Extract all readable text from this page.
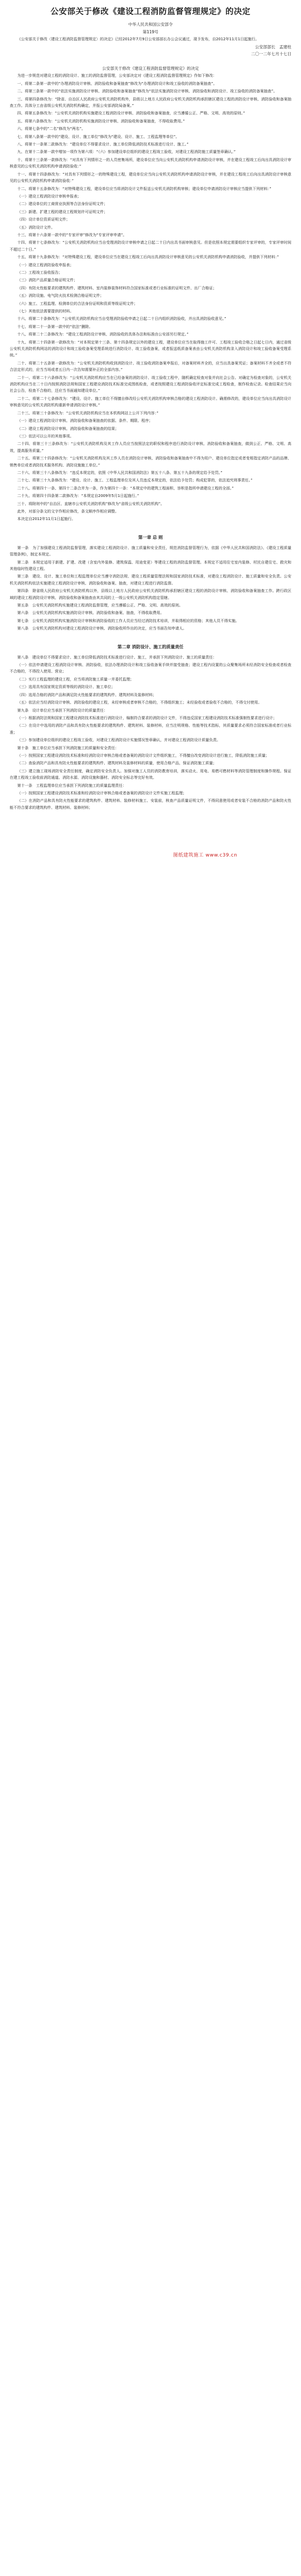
公安部关于修改《建设工程消防监督管理规定》的决定
中华人民共和国公安部令
第119号

《公安部关于修改〈建设工程消防监督管理规定〉的决定》已经2012年7月9日公安部部长办公会议通过，现予发布，自2012年11月1日起施行。

公安部部长　孟建柱
二〇一二年七月十七日
公安部关于修改《建设工程消防监督管理规定》的决定

为进一步规范对建设工程的消防设计、施工的消防监督管理，公安部决定对《建设工程消防监督管理规定》作如下修改：

一、将第二条第一款中的“办理消防设计审核、消防验收和备案抽查”修改为“办理消防设计和竣工验收的消防备案抽查”。

二、将第三条第一款中的“依法实施消防设计审核、消防验收和备案抽查”修改为“依法实施消防设计审核、消防验收和消防设计、竣工验收的消防备案抽查”。

三、将第四条修改为：“除省、自治区人民政府公安机关消防机构外，县级以上地方人民政府公安机关消防机构承担辖区建设工程的消防设计审核、消防验收和备案抽查工作。具体分工由省级公安机关消防机构确定，并报公安部消防局备案。”

四、将第五条修改为：“公安机关消防机构实施建设工程消防设计审核、消防验收和备案抽查，应当遵循公正、严格、文明、高效的原则。”

五、将第六条修改为：“公安机关消防机构实施消防设计审核、消防验收和备案抽查，不得收取费用。”

六、将第七条中的“二名”修改为“两名”。

七、将第八条第一款中的“建设、设计、施工单位”修改为“建设、设计、施工、工程监理等单位”。

八、将第十一条第二款修改为：“建设单位不得要求设计、施工单位降低消防技术标准进行设计、施工。”

九、在第十二条第一款中增加一项作为第六项：“（六）参加建设单位组织的建设工程竣工验收，对建设工程消防施工质量签章确认。”

十、将第十三条第一款修改为：“对具有下列情形之一的人员密集场所，建设单位应当向公安机关消防机构申请消防设计审核，并在建设工程竣工后向出具消防设计审核意见的公安机关消防机构申请消防验收：”

十一、将第十四条修改为：“对具有下列情形之一的特殊建设工程，建设单位应当向公安机关消防机构申请消防设计审核，并在建设工程竣工后向出具消防设计审核意见的公安机关消防机构申请消防验收：”

十二、将第十五条修改为：“对特殊建设工程，建设单位应当将消防设计文件报送公安机关消防机构审核；建设单位申请消防设计审核应当提供下列材料：”

（一）建设工程消防设计审核申报表；

（二）建设单位的工商营业执照等合法身份证明文件；

（三）新建、扩建工程的建设工程规划许可证明文件；

（四）设计单位资质证明文件；

（五）消防设计文件。

十三、将第十六条第一款中的“专家评审”修改为“专家评审申请”。

十四、将第十七条修改为：“公安机关消防机构应当自受理消防设计审核申请之日起二十日内出具书面审核意见。但是依照本规定需要组织专家评审的，专家评审时间不超过二十日。”

十五、将第十九条修改为：“对特殊建设工程，建设单位应当在建设工程竣工后向出具消防设计审核意见的公安机关消防机构申请消防验收，并提供下列材料：”

（一）建设工程消防验收申报表；

（二）工程竣工验收报告；

（三）消防产品质量合格证明文件；

（四）有防火性能要求的建筑构件、建筑材料、室内装修装饰材料符合国家标准或者行业标准的证明文件、出厂合格证；

（五）消防设施、电气防火技术检测合格证明文件；

（六）施工、工程监理、检测单位的合法身份证明和资质等级证明文件；

（七）其他依法需要提供的材料。

十六、将第二十条修改为：“公安机关消防机构应当自受理消防验收申请之日起二十日内组织消防验收，并出具消防验收意见。”

十七、将第二十一条第一款中的“依法”删除。

十八、将第二十二条修改为：“建设工程消防设计审核、消防验收的具体办法和标准由公安部另行规定。”

十九、将第二十四条第一款修改为：“对本规定第十三条、第十四条规定以外的建设工程，建设单位应当在取得施工许可、工程竣工验收合格之日起七日内，通过省级公安机关消防机构网站的消防设计和竣工验收备案受理系统进行消防设计、竣工验收备案，或者报送纸质备案表由公安机关消防机构录入消防设计和竣工验收备案受理系统。”

二十、将第二十五条第一款修改为：“公安机关消防机构收到消防设计、竣工验收消防备案申报后，对备案材料齐全的，应当出具备案凭证；备案材料不齐全或者不符合法定形式的，应当当场或者五日内一次告知需要补正的全部内容。”

二十一、将第二十六条修改为：“公安机关消防机构应当在已经备案的消防设计、竣工验收工程中，随机确定检查对象并向社会公告。对确定为检查对象的，公安机关消防机构应当在二十日内按照消防法规和国家工程建设消防技术标准完成图纸检查，或者按照建设工程消防验收评定标准完成工程检查，制作检查记录。检查结果应当向社会公告，检查不合格的，还应当书面通知建设单位。”

二十二、将第二十七条修改为：“建设、设计、施工单位不得擅自修改经公安机关消防机构审核合格的建设工程消防设计。确需修改的，建设单位应当向出具消防设计审核意见的公安机关消防机构重新申请消防设计审核。”

二十三、将第三十条修改为：“公安机关消防机构应当在本机构网站上公开下列内容：”

（一）建设工程消防设计审核、消防验收和备案抽查的依据、条件、期限、程序；

（二）建设工程消防设计审核、消防验收和备案抽查的结果；

（三）依法可以公开的其他事项。

二十四、将第三十三条修改为：“公安机关消防机构及其工作人员应当按照法定的职权和程序进行消防设计审核、消防验收和备案抽查，做到公正、严格、文明、高效，提高服务质量。”

二十五、将第三十四条修改为：“公安机关消防机构及其工作人员在消防设计审核、消防验收和备案抽查中不得为用户、建设单位指定或者变相指定消防产品的品牌、销售单位或者消防技术服务机构、消防设施施工单位。”

二十六、将第三十八条修改为：“违反本规定的，依照《中华人民共和国消防法》第五十八条、第五十九条的规定给予处罚。”

二十七、将第三十九条修改为：“建设、设计、施工、工程监理单位及其人员违反本规定的，依法给予处罚；构成犯罪的，依法追究刑事责任。”

二十八、将第四十一条、第四十二条合并为一条，作为第四十一条：“本规定中的建筑工程面积、容积是指所申请建设工程的全部。”

二十九、将第四十四条第二款修改为：“本规定自2009年5月1日起施行。”

三十、将附则中的“自治区、直辖市公安机关消防机构”修改为“省级公安机关消防机构”。

此外，对部分条文的文字作相应修改，条文顺序作相应调整。

本决定自2012年11月1日起施行。

第一章 总 则

第一条　为了加强建设工程消防监督管理，落实建设工程消防设计、施工质量和安全责任，规范消防监督管理行为，依据《中华人民共和国消防法》、《建设工程质量管理条例》，制定本规定。

第二条　本规定适用于新建、扩建、改建（含室内外装修、建筑保温、用途变更）等建设工程的消防监督管理。本规定不适用住宅室内装修、村民自建住宅、救灾和其他临时性建设工程。

第三条　建设、设计、施工单位和工程监理单位应当遵守消防法规、建设工程质量管理法规和国家消防技术标准，对建设工程消防设计、施工质量和安全负责。公安机关消防机构依法实施建设工程消防设计审核、消防验收和备案、抽查，对建设工程进行消防监督。

第四条　除省级人民政府公安机关消防机构以外，县级以上地方人民政府公安机关消防机构承担辖区建设工程的消防设计审核、消防验收和备案抽查工作。跨行政区域的建设工程消防设计审核、消防验收和备案抽查由其共同的上一级公安机关消防机构指定管辖。

第五条　公安机关消防机构实施建设工程消防监督管理，应当遵循公正、严格、文明、高效的原则。

第六条　公安机关消防机构实施消防设计审核、消防验收和备案、抽查，不得收取费用。

第七条　公安机关消防机构实施消防设计审核和消防验收的工作人员应当经过消防技术培训，并取得相应的资格；其他人员不得实施。

第八条　公安机关消防机构对建设工程消防设计审核、消防验收所作出的决定，应当书面告知申请人。

第二章 消防设计、施工的质量责任

第八条　建设单位不得要求设计、施工单位降低消防技术标准进行设计、施工，并承担下列消防设计、施工的质量责任：

（一）依法申请建设工程消防设计审核、消防验收，依法办理消防设计和竣工验收备案手续并接受抽查；建设工程内设置的公众聚集场所未经消防安全检查或者检查不合格的，不得投入使用、营业；

（二）实行工程监理的建设工程，应当将消防施工质量一并委托监理；

（三）选用具有国家规定资质等级的消防设计、施工单位；

（四）选用合格的消防产品和满足防火性能要求的建筑构件、建筑材料及装修材料；

（五）依法应当经消防设计审核、消防验收的建设工程，未经审核或者审核不合格的，不得组织施工；未经验收或者验收不合格的，不得交付使用。

第九条　设计单位应当承担下列消防设计的质量责任：

（一）根据消防法规和国家工程建设消防技术标准进行消防设计，编制符合要求的消防设计文件，不得违反国家工程建设消防技术标准强制性要求进行设计；

（二）在设计中选用的消防产品和具有防火性能要求的建筑构件、建筑材料、装修材料，应当注明规格、性能等技术指标，其质量要求必须符合国家标准或者行业标准；

（三）参加建设单位组织的建设工程竣工验收，对建设工程消防设计实施情况签章确认，并对建设工程消防设计质量负责。

第十条　施工单位应当承担下列消防施工的质量和安全责任：

（一）按照国家工程建设消防技术标准和经消防设计审核合格或者备案的消防设计文件组织施工，不得擅自改变消防设计进行施工，降低消防施工质量；

（二）查验消防产品和具有防火性能要求的建筑构件、建筑材料及装修材料的质量，使用合格产品，保证消防施工质量；

（三）建立施工现场消防安全责任制度，确定消防安全负责人。加强对施工人员的消防教育培训，落实动火、用电、易燃可燃材料等消防管理制度和操作规程。保证在建工程竣工验收前消防通道、消防水源、消防设施和器材、消防安全标志等完好有效。

第十一条　工程监理单位应当承担下列消防施工的质量监理责任：

（一）按照国家工程建设消防技术标准和经消防设计审核合格或者备案的消防设计文件实施工程监理；

（二）在消防产品和具有防火性能要求的建筑构件、建筑材料、装修材料施工、安装前，核查产品质量证明文件，不得同意使用或者安装不合格的消防产品和防火性能不符合要求的建筑构件、建筑材料、装修材料；

图纸建筑施工 www.c39.cn
